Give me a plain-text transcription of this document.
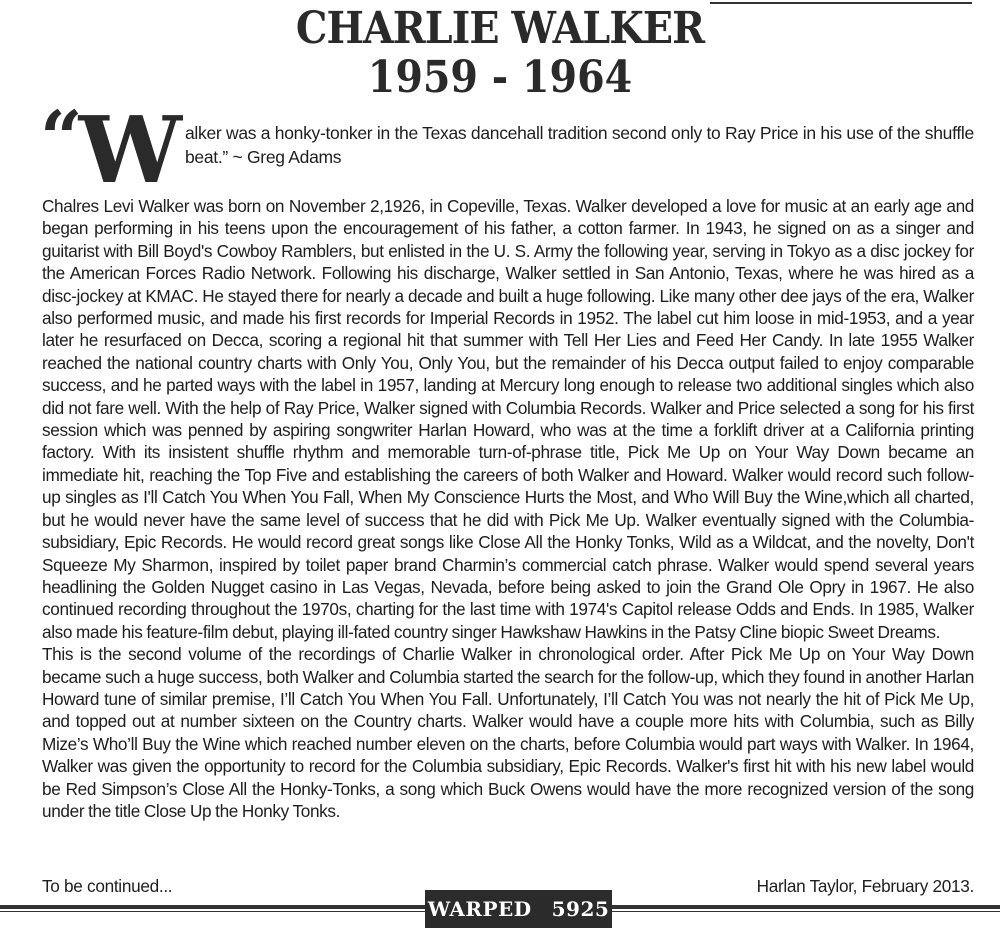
CHARLIE WALKER
1959 - 1964
“W alker was a honky-tonker in the Texas dancehall tradition second only to Ray Price in his use of the shuffle beat.” ~ Greg Adams

Chalres Levi Walker was born on November 2,1926, in Copeville, Texas. Walker developed a love for music at an early age and began performing in his teens upon the encouragement of his father, a cotton farmer. In 1943, he signed on as a singer and guitarist with Bill Boyd's Cowboy Ramblers, but enlisted in the U. S. Army the following year, serving in Tokyo as a disc jockey for the American Forces Radio Network. Following his discharge, Walker settled in San Antonio, Texas, where he was hired as a disc-jockey at KMAC. He stayed there for nearly a decade and built a huge following. Like many other dee jays of the era, Walker also performed music, and made his first records for Imperial Records in 1952. The label cut him loose in mid-1953, and a year later he resurfaced on Decca, scoring a regional hit that summer with Tell Her Lies and Feed Her Candy. In late 1955 Walker reached the national country charts with Only You, Only You, but the remainder of his Decca output failed to enjoy comparable success, and he parted ways with the label in 1957, landing at Mercury long enough to release two additional singles which also did not fare well. With the help of Ray Price, Walker signed with Columbia Records. Walker and Price selected a song for his first session which was penned by aspiring songwriter Harlan Howard, who was at the time a forklift driver at a California printing factory. With its insistent shuffle rhythm and memorable turn-of-phrase title, Pick Me Up on Your Way Down became an immediate hit, reaching the Top Five and establishing the careers of both Walker and Howard. Walker would record such follow-up singles as I'll Catch You When You Fall, When My Conscience Hurts the Most, and Who Will Buy the Wine,which all charted, but he would never have the same level of success that he did with Pick Me Up. Walker eventually signed with the Columbia-subsidiary, Epic Records. He would record great songs like Close All the Honky Tonks, Wild as a Wildcat, and the novelty, Don't Squeeze My Sharmon, inspired by toilet paper brand Charmin’s commercial catch phrase. Walker would spend several years headlining the Golden Nugget casino in Las Vegas, Nevada, before being asked to join the Grand Ole Opry in 1967. He also continued recording throughout the 1970s, charting for the last time with 1974's Capitol release Odds and Ends. In 1985, Walker also made his feature-film debut, playing ill-fated country singer Hawkshaw Hawkins in the Patsy Cline biopic Sweet Dreams.

This is the second volume of the recordings of Charlie Walker in chronological order. After Pick Me Up on Your Way Down became such a huge success, both Walker and Columbia started the search for the follow-up, which they found in another Harlan Howard tune of similar premise, I’ll Catch You When You Fall. Unfortunately, I’ll Catch You was not nearly the hit of Pick Me Up, and topped out at number sixteen on the Country charts. Walker would have a couple more hits with Columbia, such as Billy Mize’s Who’ll Buy the Wine which reached number eleven on the charts, before Columbia would part ways with Walker. In 1964, Walker was given the opportunity to record for the Columbia subsidiary, Epic Records. Walker's first hit with his new label would be Red Simpson’s Close All the Honky-Tonks, a song which Buck Owens would have the more recognized version of the song under the title Close Up the Honky Tonks.

To be continued...	Harlan Taylor, February 2013.
WARPED 5925
